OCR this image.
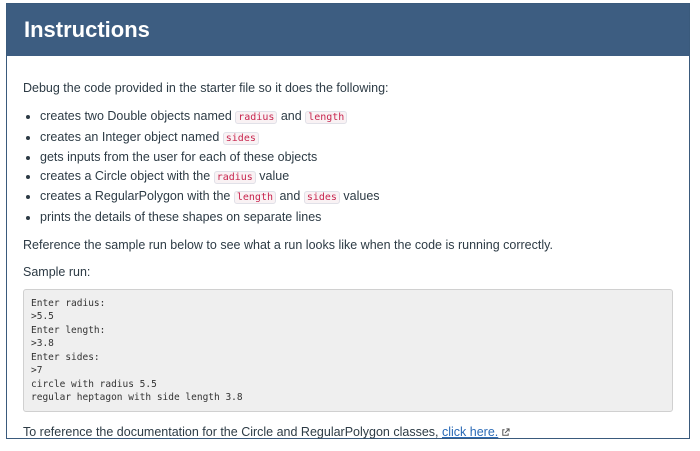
Instructions
Debug the code provided in the starter file so it does the following:
• creates two Double objects named radius and length
• creates an Integer object named sides
• gets inputs from the user for each of these objects
• creates a Circle object with the radius value
• creates a RegularPolygon with the length and sides values
• prints the details of these shapes on separate lines
Reference the sample run below to see what a run looks like when the code is running correctly.
Sample run:
Enter radius:
>5.5
Enter length:
>3.8
Enter sides:
>7
circle with radius 5.5
regular heptagon with side length 3.8
To reference the documentation for the Circle and RegularPolygon classes, click here.
